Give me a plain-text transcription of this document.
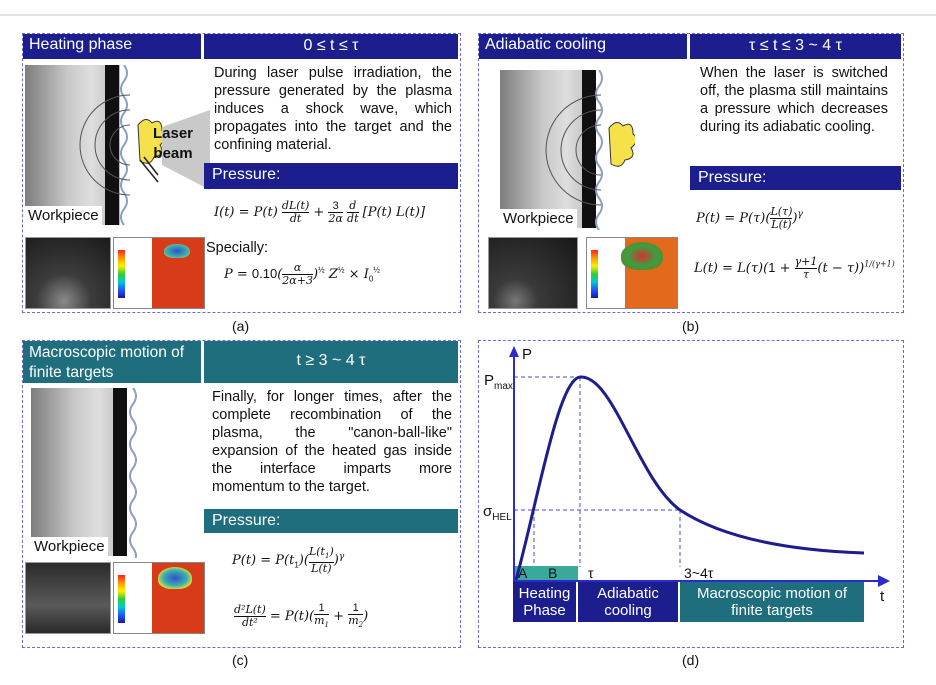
Heating phase	0 ≤ t ≤ τ
Workpiece
Laser beam
During laser pulse irradiation, the pressure generated by the plasma induces a shock wave, which propagates into the target and the confining material.
Pressure:
$I(t) = P(t) \frac{dL(t)}{dt} + \frac{3}{2\alpha} \frac{d}{dt} [P(t)$ L(t)]
Specially:
$P = 0.10( \frac{\alpha}{2\alpha+3})^{\frac{1}{2}}$ $Z^{\frac{1}{2}} \times I_0^{\frac{1}{2}}$
(a)
Adiabatic cooling	τ ≤ t ≤ 3 ~ 4 τ
Workpiece
When the laser is switched off, the plasma still maintains a pressure which decreases during its adiabatic cooling.
Pressure:
$P(t) = P(\tau)( \frac{L(\tau)}{L(t)})^\gamma$
$L(t) = L(\tau)(1 + \frac{\gamma+1}{\tau}(t - \tau))^{1/(\gamma+1)}$
(b)
Macroscopic motion of finite targets
t ≥ 3 ~ 4 τ
Workpiece
Finally, for longer times, after the complete recombination of the plasma, the "canon-ball-like" expansion of the heated gas inside the interface imparts more momentum to the target.
Pressure:
$P(t) = P(t_1)( \frac{L(t_1)}{L(t)})^\gamma$
$\frac{\text{d²L(t)}}{\text{dt²}} = P(t)( \frac{1}{m_1} + \frac{1}{m_2})$
(c)
P
$P_{max}$
$\sigma_{HEL}$
A B τ	3~4τ
t
Heating Phase
Adiabatic cooling
Macroscopic motion of finite targets
(d)
